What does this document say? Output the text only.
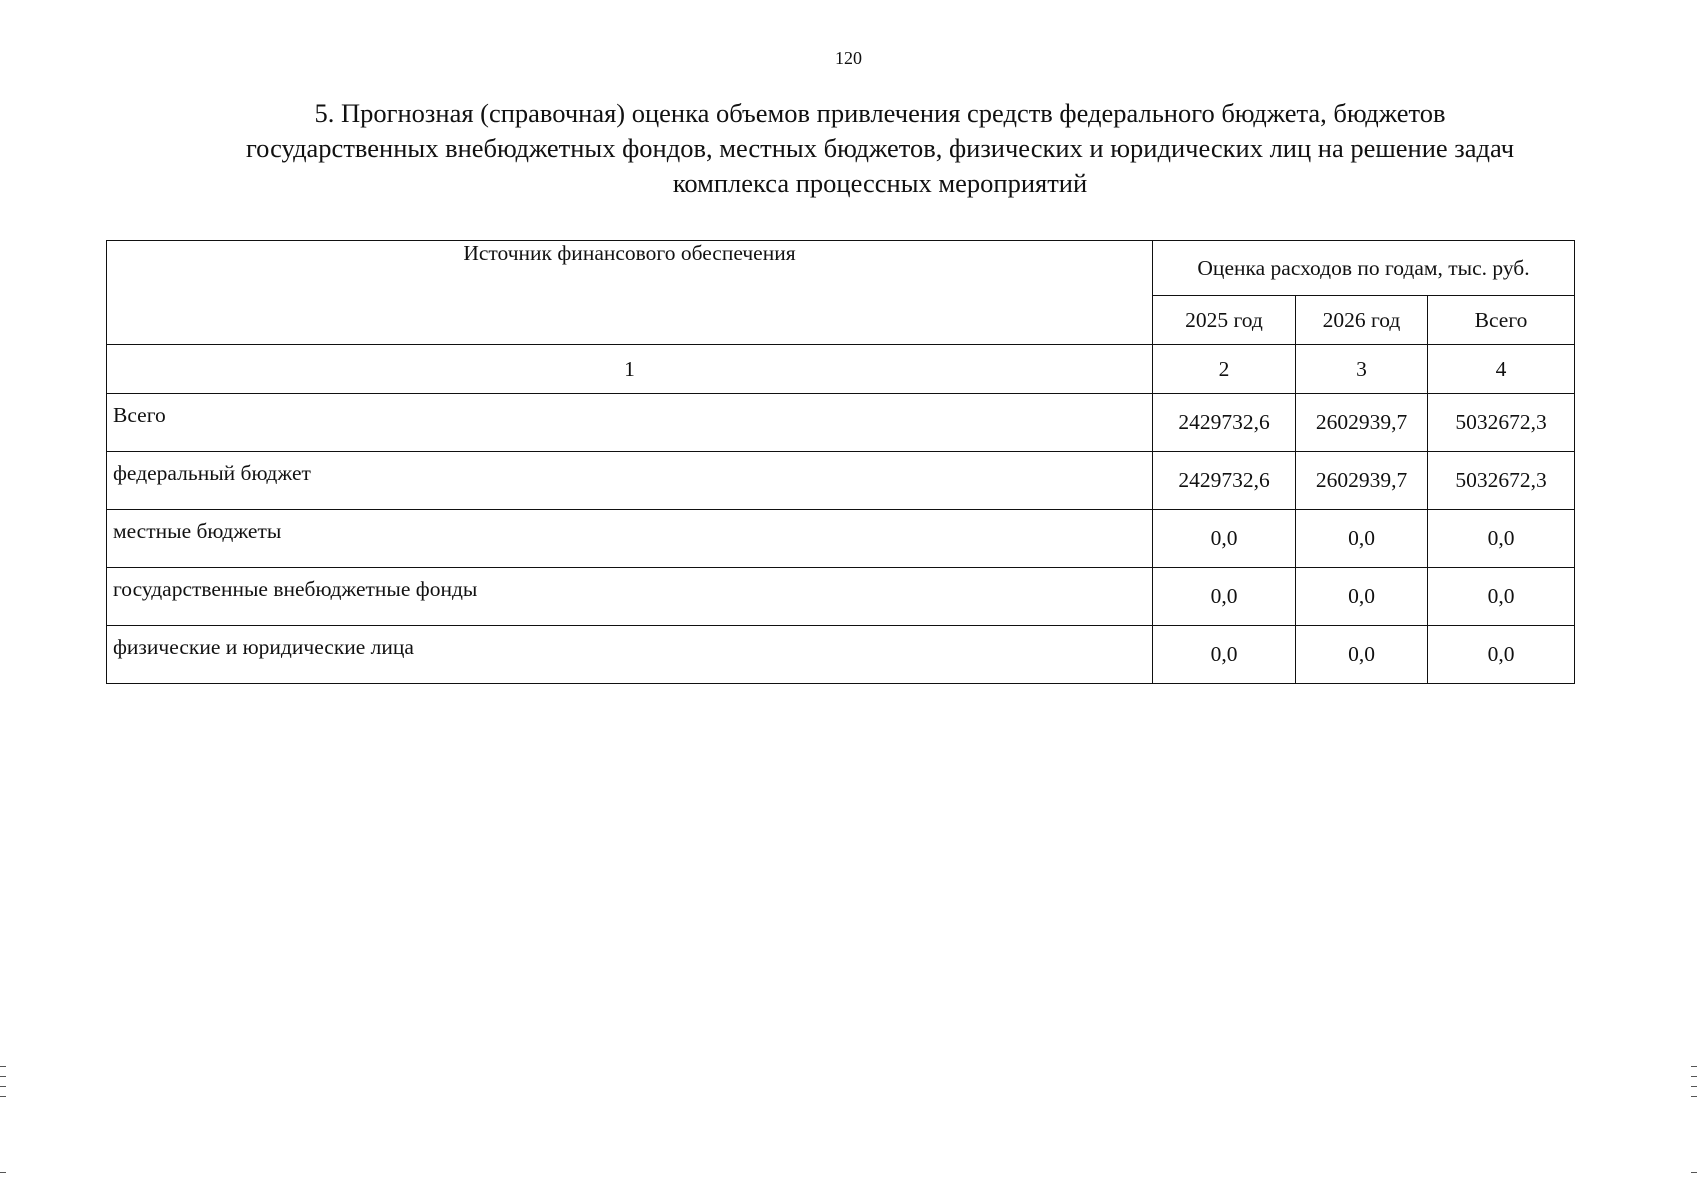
120
5. Прогнозная (справочная) оценка объемов привлечения средств федерального бюджета, бюджетов
государственных внебюджетных фондов, местных бюджетов, физических и юридических лиц на решение задач
комплекса процессных мероприятий
Источник финансового обеспечения	Оценка расходов по годам, тыс. руб.		
	2025 год	2026 год	Всего
1	2	3	4
Всего	2429732,6	2602939,7	5032672,3
федеральный бюджет	2429732,6	2602939,7	5032672,3
местные бюджеты	0,0	0,0	0,0
государственные внебюджетные фонды	0,0	0,0	0,0
физические и юридические лица	0,0	0,0	0,0
